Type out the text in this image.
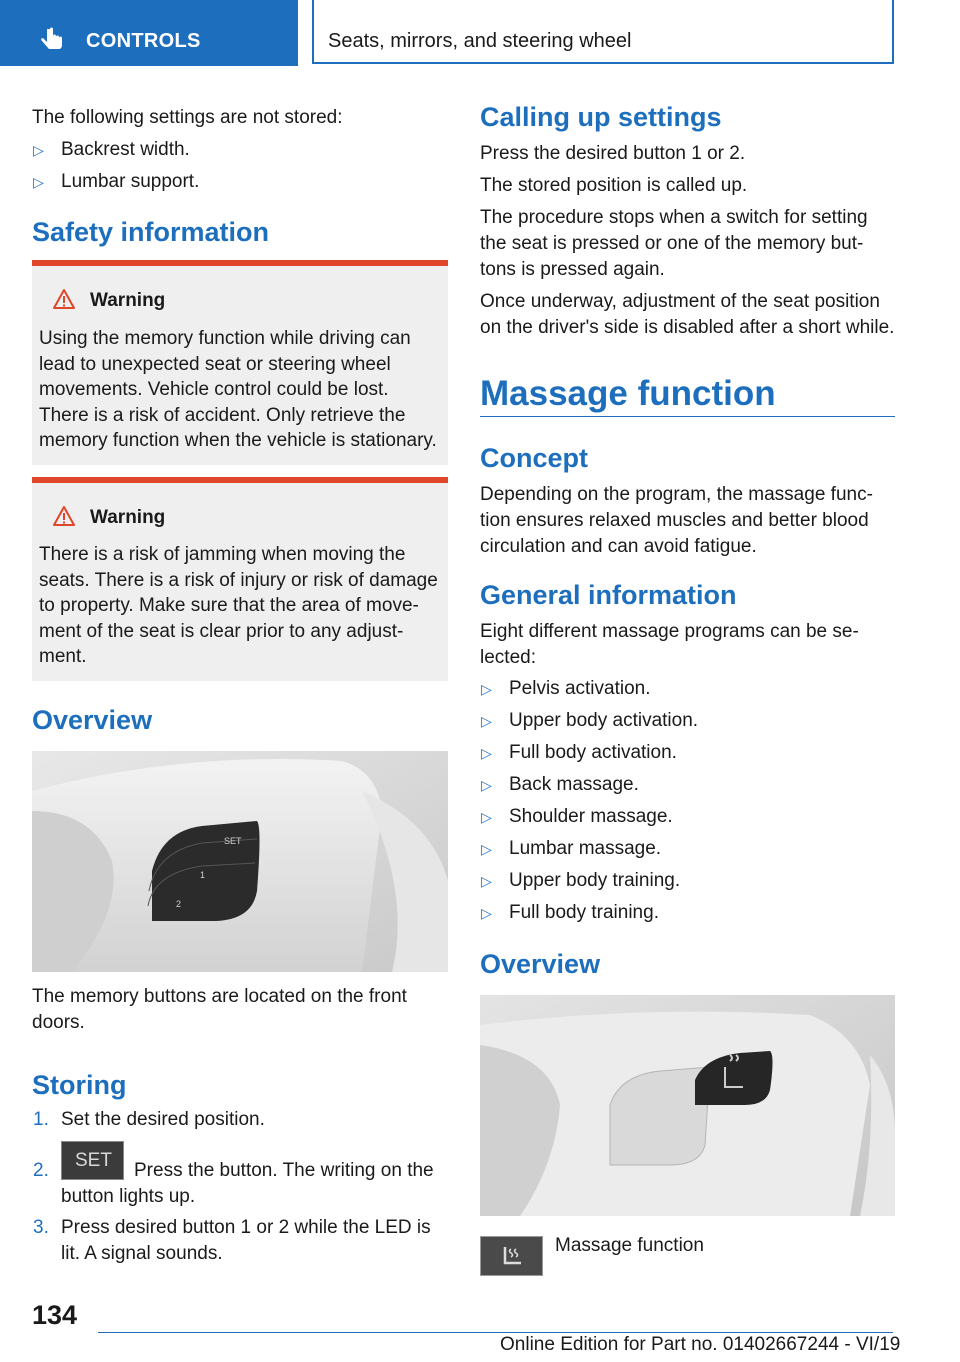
CONTROLS	Seats, mirrors, and steering wheel

The following settings are not stored:

▷ Backrest width.
▷ Lumbar support.
Safety information
Warning
Using the memory function while driving can
lead to unexpected seat or steering wheel
movements. Vehicle control could be lost.
There is a risk of accident. Only retrieve the
memory function when the vehicle is stationary.
Warning
There is a risk of jamming when moving the
seats. There is a risk of injury or risk of damage
to property. Make sure that the area of move-
ment of the seat is clear prior to any adjust-
ment.
Overview
SET
1
2

The memory buttons are located on the front

doors.

Storing
1. Set the desired position.
2. SET Press the button. The writing on the
button lights up.
3. Press desired button 1 or 2 while the LED is
lit. A signal sounds.
Calling up settings

Press the desired button 1 or 2.

The stored position is called up.

The procedure stops when a switch for setting

the seat is pressed or one of the memory but-

tons is pressed again.

Once underway, adjustment of the seat position

on the driver's side is disabled after a short while.

Massage function
Concept

Depending on the program, the massage func-

tion ensures relaxed muscles and better blood

circulation and can avoid fatigue.

General information

Eight different massage programs can be se-

lected:

▷ Pelvis activation.
▷ Upper body activation.
▷ Full body activation.
▷ Back massage.
▷ Shoulder massage.
▷ Lumbar massage.
▷ Upper body training.
▷ Full body training.
Overview
Massage function
134
Online Edition for Part no. 01402667244 - VI/19
